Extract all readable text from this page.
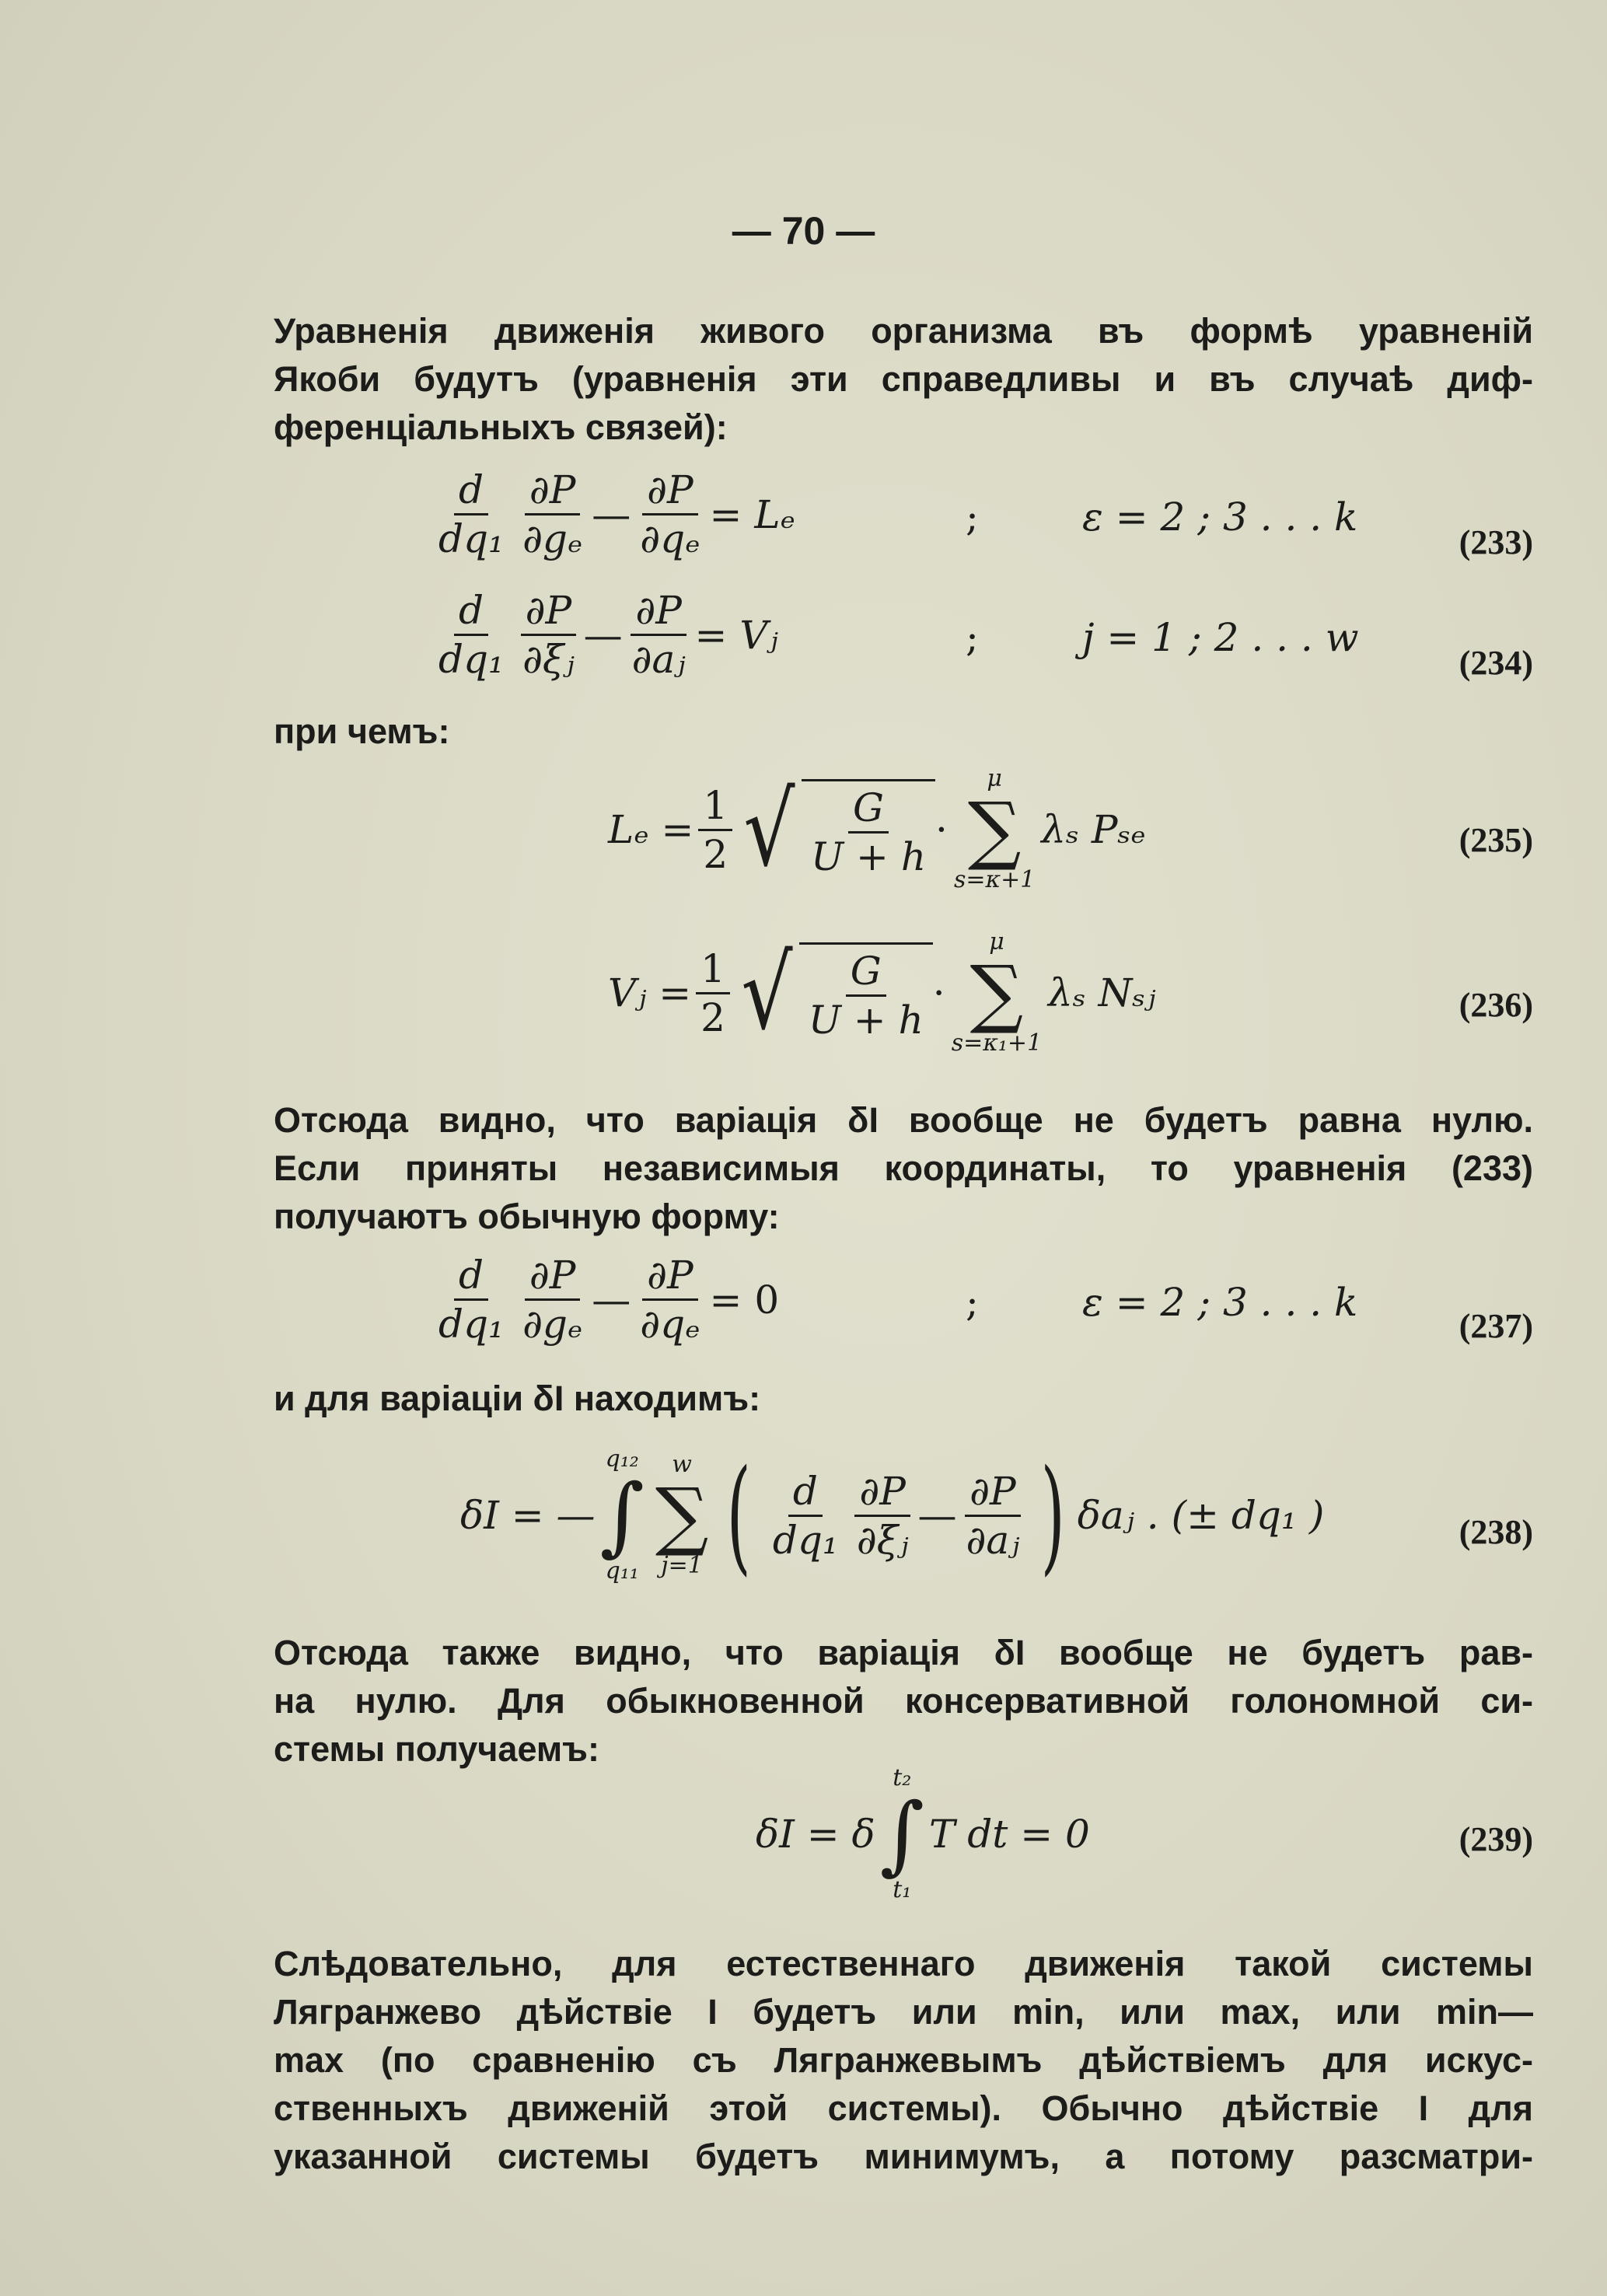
— 70 —
Уравненія движенія живого организма въ формѣ уравненій
Якоби будутъ (уравненія эти справедливы и въ случаѣ диф-
ференціальныхъ связей):
$\frac{d}{\text{dq₁}} \frac{\partial P}{\text{∂gₑ}}$ — $\frac{\partial P}{\text{∂qₑ}} = L_e$	;	ε = 2 ; 3 . . . k
(233)
$\frac{d}{\text{dq₁}} \frac{\partial P}{\text{∂ξⱼ}}$ — $\frac{\partial P}{\text{∂aⱼ}}$ = Vⱼ	;	j = 1 ; 2 . . . w
(234)
при чемъ:
$L_e = \frac{1}{2}$ √ $\frac{G}{U + h}$ ·
μ
∑
s=κ+1
λₛ Pₛₑ	(235)
Vⱼ = $\frac{1}{2}$ √ $\frac{G}{U + h}$ ·
μ
∑
s=κ₁+1
λₛ Nₛⱼ	(236)
Отсюда видно, что варіація δI вообще не будетъ равна нулю.
Если приняты независимыя координаты, то уравненія (233)
получаютъ обычную форму:
$\frac{d}{\text{dq₁}} \frac{\partial P}{\text{∂gₑ}}$ — $\frac{\partial P}{\text{∂qₑ}} = 0$	;	ε = 2 ; 3 . . . k
(237)
и для варіаціи δI находимъ:
δI = —
q₁₂
∫
q₁₁
w
∑
j=1 ( $\frac{d}{\text{dq₁}} \frac{\partial P}{\text{∂ξⱼ}}$ — $\frac{\partial P}{\text{∂aⱼ}}$ ) δaⱼ . (± dq₁ )	(238)
Отсюда также видно, что варіація δI вообще не будетъ рав-
на нулю. Для обыкновенной консервативной голономной си-
стемы получаемъ:
δI = δ
t₂
∫
t₁
T dt = 0	(239)
Слѣдовательно, для естественнаго движенія такой системы
Лягранжево дѣйствіе I будетъ или min, или max, или min—
max (по сравненію съ Лягранжевымъ дѣйствіемъ для искус-
ственныхъ движеній этой системы). Обычно дѣйствіе I для
указанной системы будетъ минимумъ, а потому разсматри-
